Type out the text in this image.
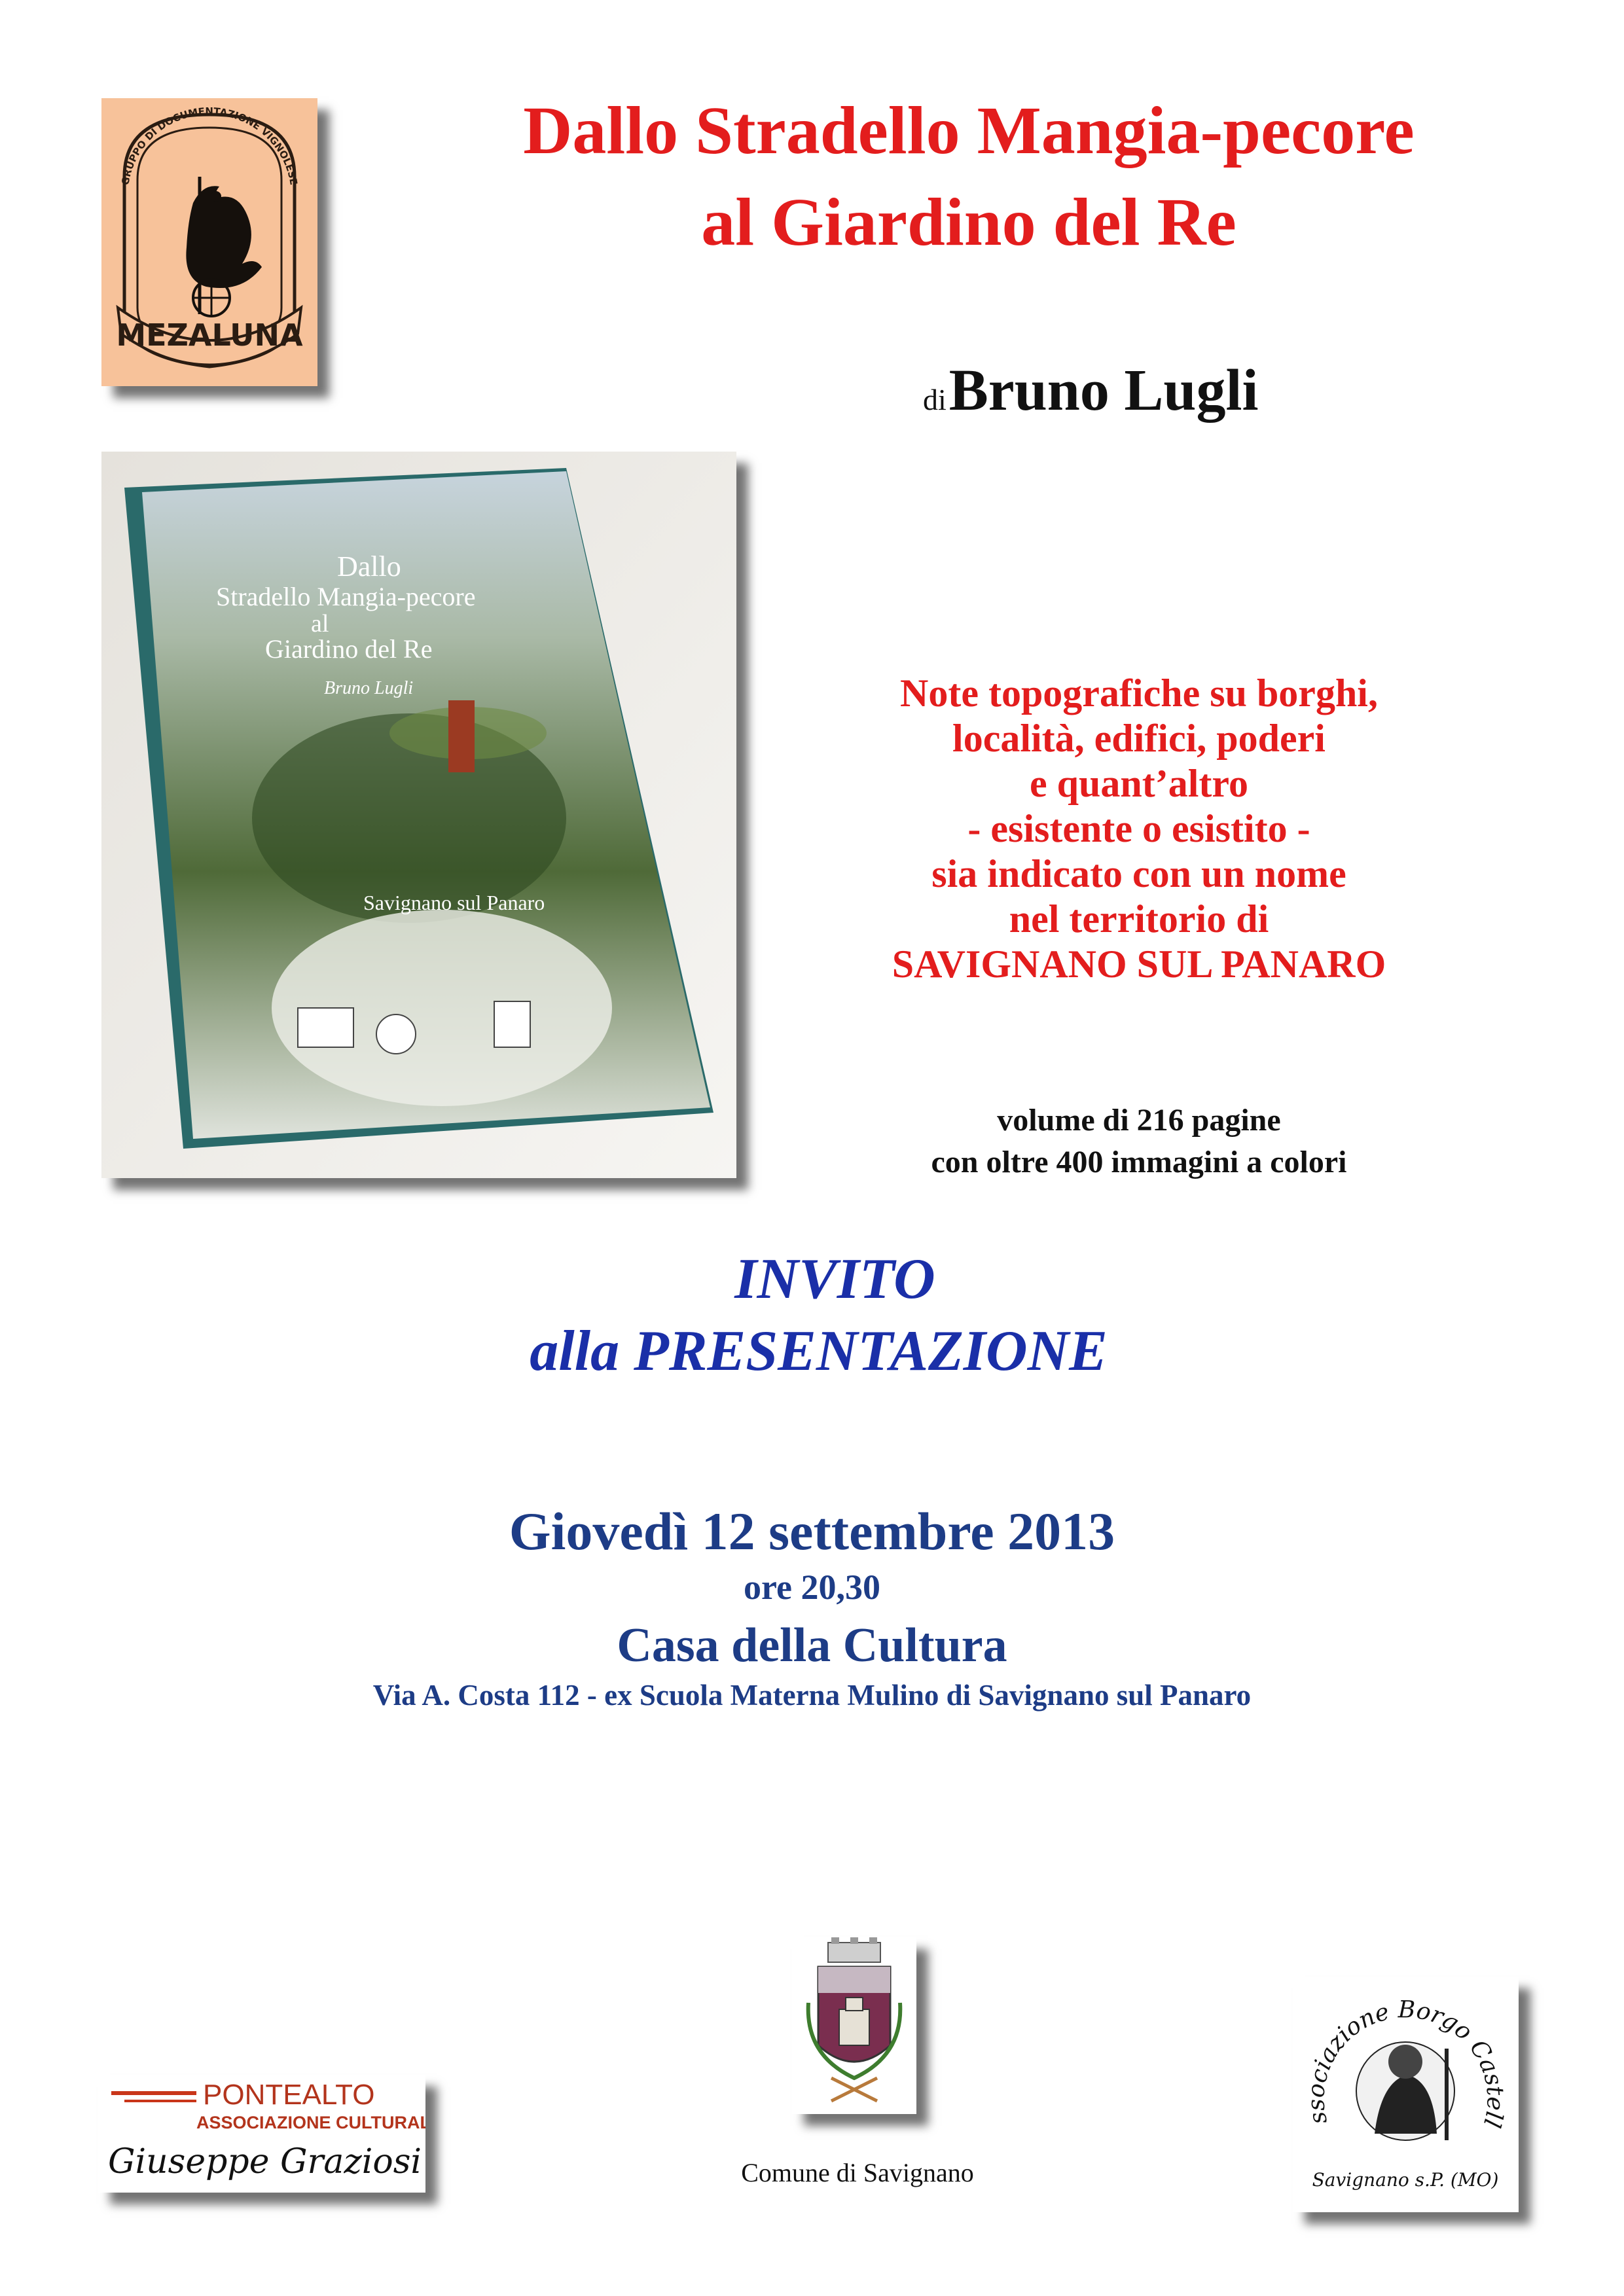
GRUPPO DI DOCUMENTAZIONE VIGNOLESE
MEZALUNA
Dallo Stradello Mangia-pecore
al Giardino del Re
di Bruno Lugli
Dallo
Stradello Mangia-pecore
al
Giardino del Re
Bruno Lugli
Savignano sul Panaro
Note topografiche su borghi,
località, edifici, poderi
e quant’altro
- esistente o esistito -
sia indicato con un nome
nel territorio di
SAVIGNANO SUL PANARO
volume di 216 pagine
con oltre 400 immagini a colori
INVITO
alla PRESENTAZIONE
Giovedì 12 settembre 2013
ore 20,30
Casa della Cultura
Via A. Costa 112 - ex Scuola Materna Mulino di Savignano sul Panaro
PONTEALTO
ASSOCIAZIONE CULTURALE
Giuseppe Graziosi	Comune di Savignano
ssociazione Borgo Castell
Savignano s.P. (MO)
